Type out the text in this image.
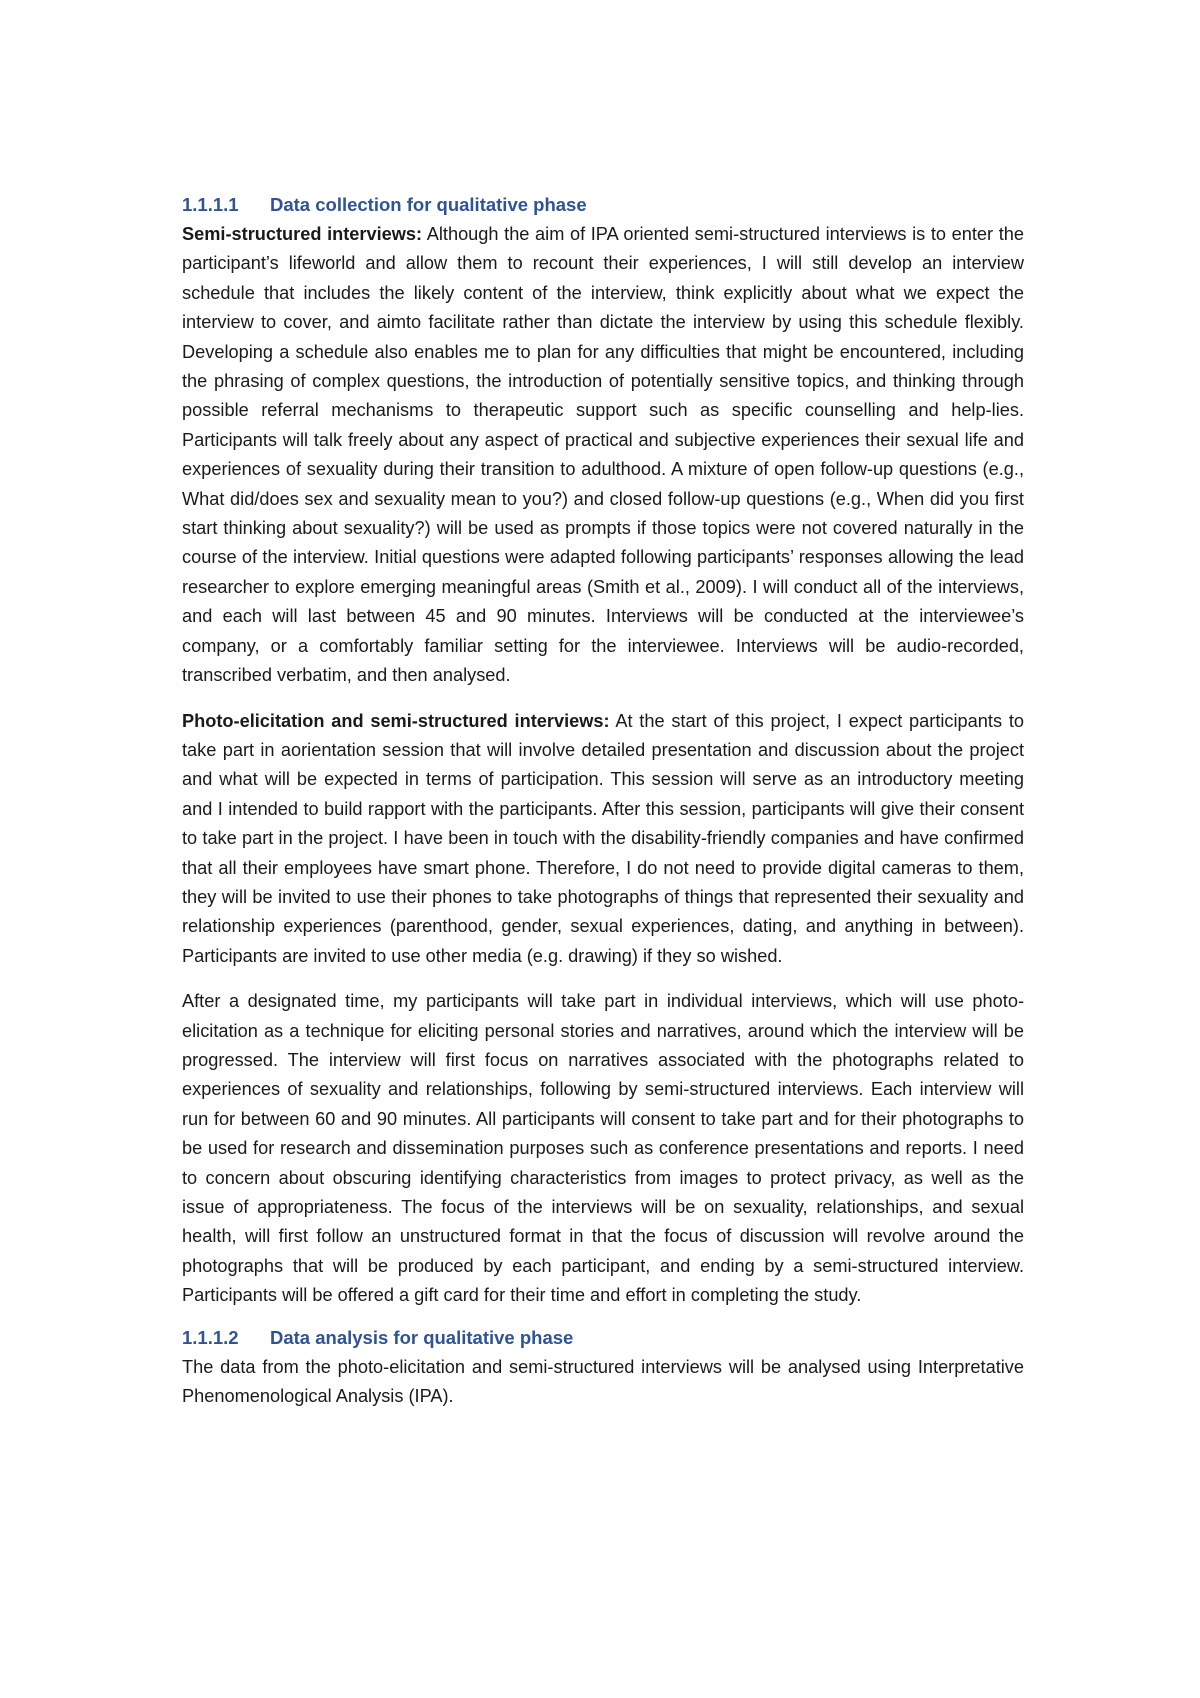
1.1.1.1 Data collection for qualitative phase

Semi-structured interviews: Although the aim of IPA oriented semi-structured interviews is to enter the participant’s lifeworld and allow them to recount their experiences, I will still develop an interview schedule that includes the likely content of the interview, think explicitly about what we expect the interview to cover, and aimto facilitate rather than dictate the interview by using this schedule flexibly. Developing a schedule also enables me to plan for any difficulties that might be encountered, including the phrasing of complex questions, the introduction of potentially sensitive topics, and thinking through possible referral mechanisms to therapeutic support such as specific counselling and help-lies. Participants will talk freely about any aspect of practical and subjective experiences their sexual life and experiences of sexuality during their transition to adulthood. A mixture of open follow-up questions (e.g., What did/does sex and sexuality mean to you?) and closed follow-up questions (e.g., When did you first start thinking about sexuality?) will be used as prompts if those topics were not covered naturally in the course of the interview. Initial questions were adapted following participants’ responses allowing the lead researcher to explore emerging meaningful areas (Smith et al., 2009). I will conduct all of the interviews, and each will last between 45 and 90 minutes. Interviews will be conducted at the interviewee’s company, or a comfortably familiar setting for the interviewee. Interviews will be audio-recorded, transcribed verbatim, and then analysed.

Photo-elicitation and semi-structured interviews: At the start of this project, I expect participants to take part in aorientation session that will involve detailed presentation and discussion about the project and what will be expected in terms of participation. This session will serve as an introductory meeting and I intended to build rapport with the participants. After this session, participants will give their consent to take part in the project. I have been in touch with the disability-friendly companies and have confirmed that all their employees have smart phone. Therefore, I do not need to provide digital cameras to them, they will be invited to use their phones to take photographs of things that represented their sexuality and relationship experiences (parenthood, gender, sexual experiences, dating, and anything in between). Participants are invited to use other media (e.g. drawing) if they so wished.

After a designated time, my participants will take part in individual interviews, which will use photo-elicitation as a technique for eliciting personal stories and narratives, around which the interview will be progressed. The interview will first focus on narratives associated with the photographs related to experiences of sexuality and relationships, following by semi-structured interviews. Each interview will run for between 60 and 90 minutes. All participants will consent to take part and for their photographs to be used for research and dissemination purposes such as conference presentations and reports. I need to concern about obscuring identifying characteristics from images to protect privacy, as well as the issue of appropriateness. The focus of the interviews will be on sexuality, relationships, and sexual health, will first follow an unstructured format in that the focus of discussion will revolve around the photographs that will be produced by each participant, and ending by a semi-structured interview. Participants will be offered a gift card for their time and effort in completing the study.

1.1.1.2 Data analysis for qualitative phase

The data from the photo-elicitation and semi-structured interviews will be analysed using Interpretative Phenomenological Analysis (IPA).
